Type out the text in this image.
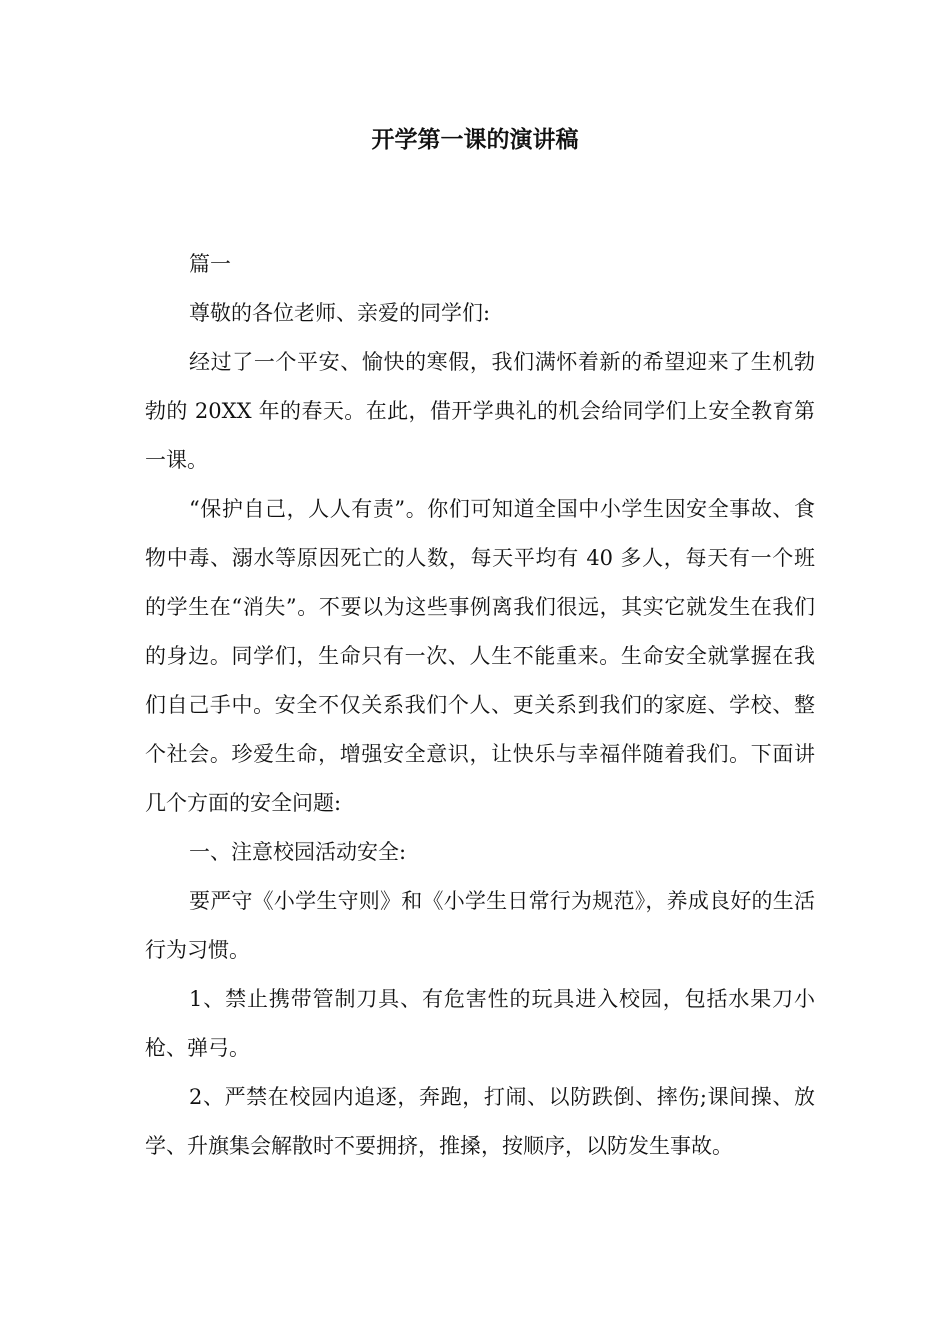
开学第一课的演讲稿

篇一

尊敬的各位老师、亲爱的同学们:

经过了一个平安、愉快的寒假，我们满怀着新的希望迎来了生机勃勃的 20XX 年的春天。在此，借开学典礼的机会给同学们上安全教育第一课。

“保护自己，人人有责”。你们可知道全国中小学生因安全事故、食物中毒、溺水等原因死亡的人数，每天平均有 40 多人，每天有一个班的学生在“消失”。不要以为这些事例离我们很远，其实它就发生在我们的身边。同学们，生命只有一次、人生不能重来。生命安全就掌握在我们自己手中。安全不仅关系我们个人、更关系到我们的家庭、学校、整个社会。珍爱生命，增强安全意识，让快乐与幸福伴随着我们。下面讲几个方面的安全问题:

一、注意校园活动安全:

要严守《小学生守则》和《小学生日常行为规范》，养成良好的生活行为习惯。

1、禁止携带管制刀具、有危害性的玩具进入校园，包括水果刀小枪、弹弓。

2、严禁在校园内追逐，奔跑，打闹、以防跌倒、摔伤;课间操、放学、升旗集会解散时不要拥挤，推搡，按顺序，以防发生事故。
